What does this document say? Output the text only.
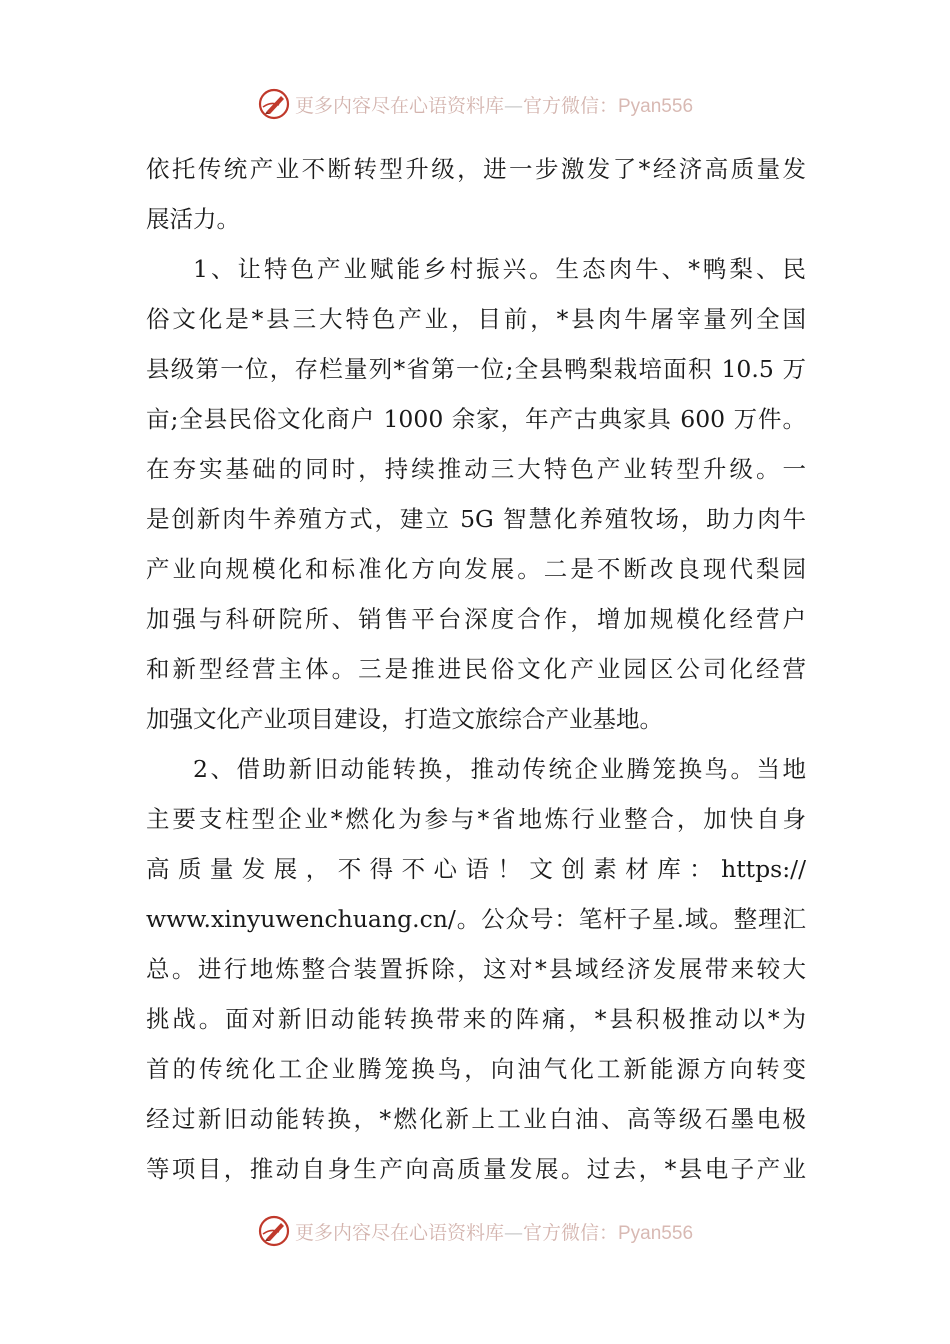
更多内容尽在心语资料库—官方微信：Pyan556
依托传统产业不断转型升级，进一步激发了*经济高质量发
展活力。
1、让特色产业赋能乡村振兴。生态肉牛、*鸭梨、民
俗文化是*县三大特色产业，目前，*县肉牛屠宰量列全国
县级第一位，存栏量列*省第一位;全县鸭梨栽培面积 10.5 万
亩;全县民俗文化商户 1000 余家，年产古典家具 600 万件。
在夯实基础的同时，持续推动三大特色产业转型升级。一
是创新肉牛养殖方式，建立 5G 智慧化养殖牧场，助力肉牛
产业向规模化和标准化方向发展。二是不断改良现代梨园
加强与科研院所、销售平台深度合作，增加规模化经营户
和新型经营主体。三是推进民俗文化产业园区公司化经营
加强文化产业项目建设，打造文旅综合产业基地。
2、借助新旧动能转换，推动传统企业腾笼换鸟。当地
主要支柱型企业*燃化为参与*省地炼行业整合，加快自身
高质量发展，不得不心语！文创素材库：https://
www.xinyuwenchuang.cn/。公众号：笔杆子星.域。整理汇
总。进行地炼整合装置拆除，这对*县域经济发展带来较大
挑战。面对新旧动能转换带来的阵痛，*县积极推动以*为
首的传统化工企业腾笼换鸟，向油气化工新能源方向转变
经过新旧动能转换，*燃化新上工业白油、高等级石墨电极
等项目，推动自身生产向高质量发展。过去，*县电子产业
更多内容尽在心语资料库—官方微信：Pyan556
